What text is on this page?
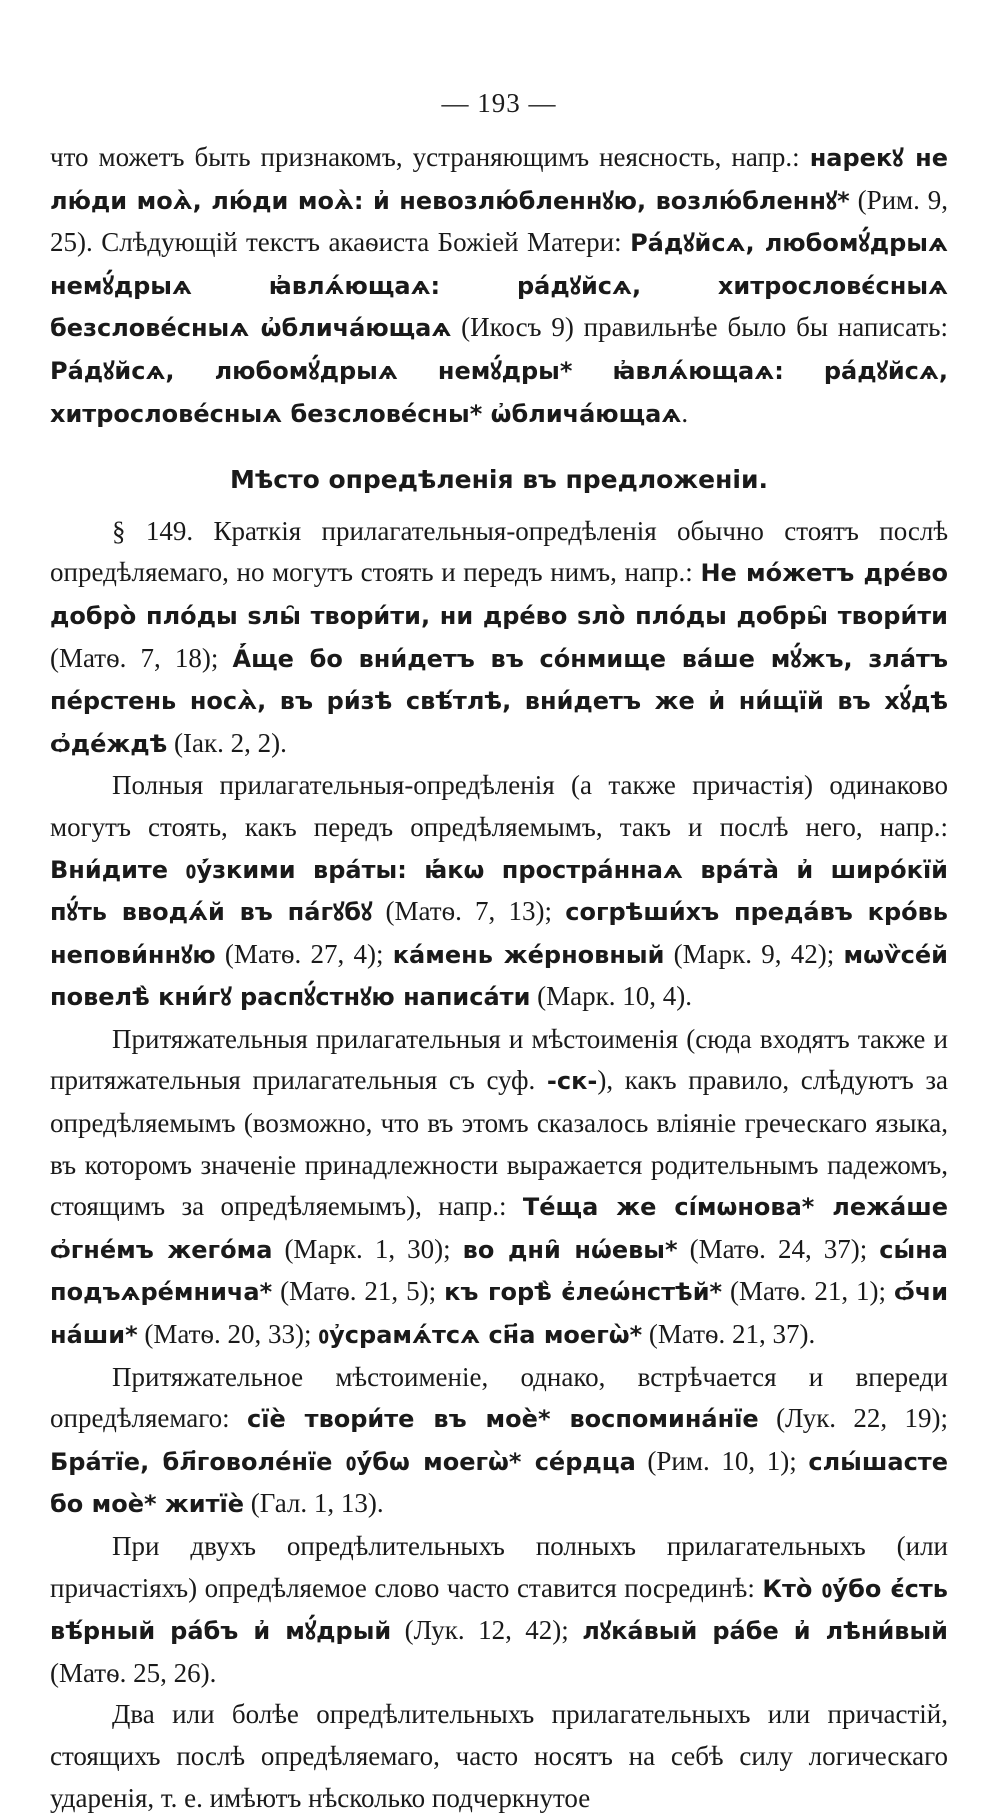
— 193 —

что можетъ быть признакомъ, устраняющимъ неясность, напр.: нарекꙋ не лю́ди моѧ̀, лю́ди моѧ̀: и҆ невозлю́бленнꙋю, возлю́бленнꙋ* (Рим. 9, 25). Слѣдующій текстъ акаѳиста Божіей Матери: Ра́дꙋйсѧ, любомꙋ́дрыѧ немꙋ́дрыѧ ꙗ҆влѧ́ющаѧ: ра́дꙋйсѧ, хитрословє́сныѧ безслове́сныѧ ѡ҆блича́ющаѧ (Икосъ 9) правильнѣе было бы написать: Ра́дꙋйсѧ, любомꙋ́дрыѧ немꙋ́дры* ꙗ҆влѧ́ющаѧ: ра́дꙋйсѧ, хитрослове́сныѧ безслове́сны* ѡ҆блича́ющаѧ.

Мѣсто опредѣленія въ предложеніи.

§ 149. Краткія прилагательныя-опредѣленія обычно стоятъ послѣ опредѣляемаго, но могутъ стоять и передъ нимъ, напр.: Не мо́жетъ дре́во добро̀ пло́ды ѕлы̑ твори́ти, ни дре́во ѕло̀ пло́ды добры̑ твори́ти (Матѳ. 7, 18); А҆́ще бо вни́детъ въ со́нмище ва́ше мꙋ́жъ, зла́тъ пе́рстень носѧ̀, въ ри́зѣ свѣ́тлѣ, вни́детъ же и҆ ни́щїй въ хꙋ́дѣ ѻ҆де́ждѣ (Іак. 2, 2).

Полныя прилагательныя-опредѣленія (а также причастія) одинаково могутъ стоять, какъ передъ опредѣляемымъ, такъ и послѣ него, напр.: Вни́дите ᲂу҆́зкими врáты: ꙗ҆́кѡ простра́ннаѧ вра́та̀ и҆ широ́кїй пꙋ́ть вводѧ́й въ па́гꙋбꙋ (Матѳ. 7, 13); согрѣши́хъ преда́въ кро́вь непови́ннꙋю (Матѳ. 27, 4); ка́мень же́рновный (Марк. 9, 42); мѡѷсе́й повелѣ̀ кни́гꙋ распꙋ́стнꙋю написа́ти (Марк. 10, 4).

Притяжательныя прилагательныя и мѣстоименія (сюда входятъ также и притяжательныя прилагательныя съ суф. -ск-), какъ правило, слѣдуютъ за опредѣляемымъ (возможно, что въ этомъ сказалось вліяніе греческаго языка, въ которомъ значеніе принадлежности выражается родительнымъ падежомъ, стоящимъ за опредѣляемымъ), напр.: Те́ща же сі́мѡнова* лежа́ше ѻ҆гне́мъ жего́ма (Марк. 1, 30); во дни̑ нѡ́евы* (Матѳ. 24, 37); сы́на подъѧре́мнича* (Матѳ. 21, 5); къ горѣ̀ є҆леѡ́нстѣй* (Матѳ. 21, 1); ѻ҆́чи на́ши* (Матѳ. 20, 33); ᲂу҆срамѧ́тсѧ сн҃а моегѡ̀* (Матѳ. 21, 37).

Притяжательное мѣстоименіе, однако, встрѣчается и впереди опредѣляемаго: сїѐ твори́те въ моѐ* воспомина́нїе (Лук. 22, 19); Бра́тїе, бл҃говоле́нїе ᲂу҆́бѡ моегѡ̀* се́рдца (Рим. 10, 1); слы́шасте бо моѐ* житїѐ (Гал. 1, 13).

При двухъ опредѣлительныхъ полныхъ прилагательныхъ (или причастіяхъ) опредѣляемое слово часто ставится посрединѣ: Кто̀ ᲂу҆́бо є҆́сть вѣ́рный ра́бъ и҆ мꙋ́дрый (Лук. 12, 42); лꙋка́вый ра́бе и҆ лѣни́вый (Матѳ. 25, 26).

Два или болѣе опредѣлительныхъ прилагательныхъ или причастій, стоящихъ послѣ опредѣляемаго, часто носятъ на себѣ силу логическаго ударенія, т. е. имѣютъ нѣсколько подчеркнутое
